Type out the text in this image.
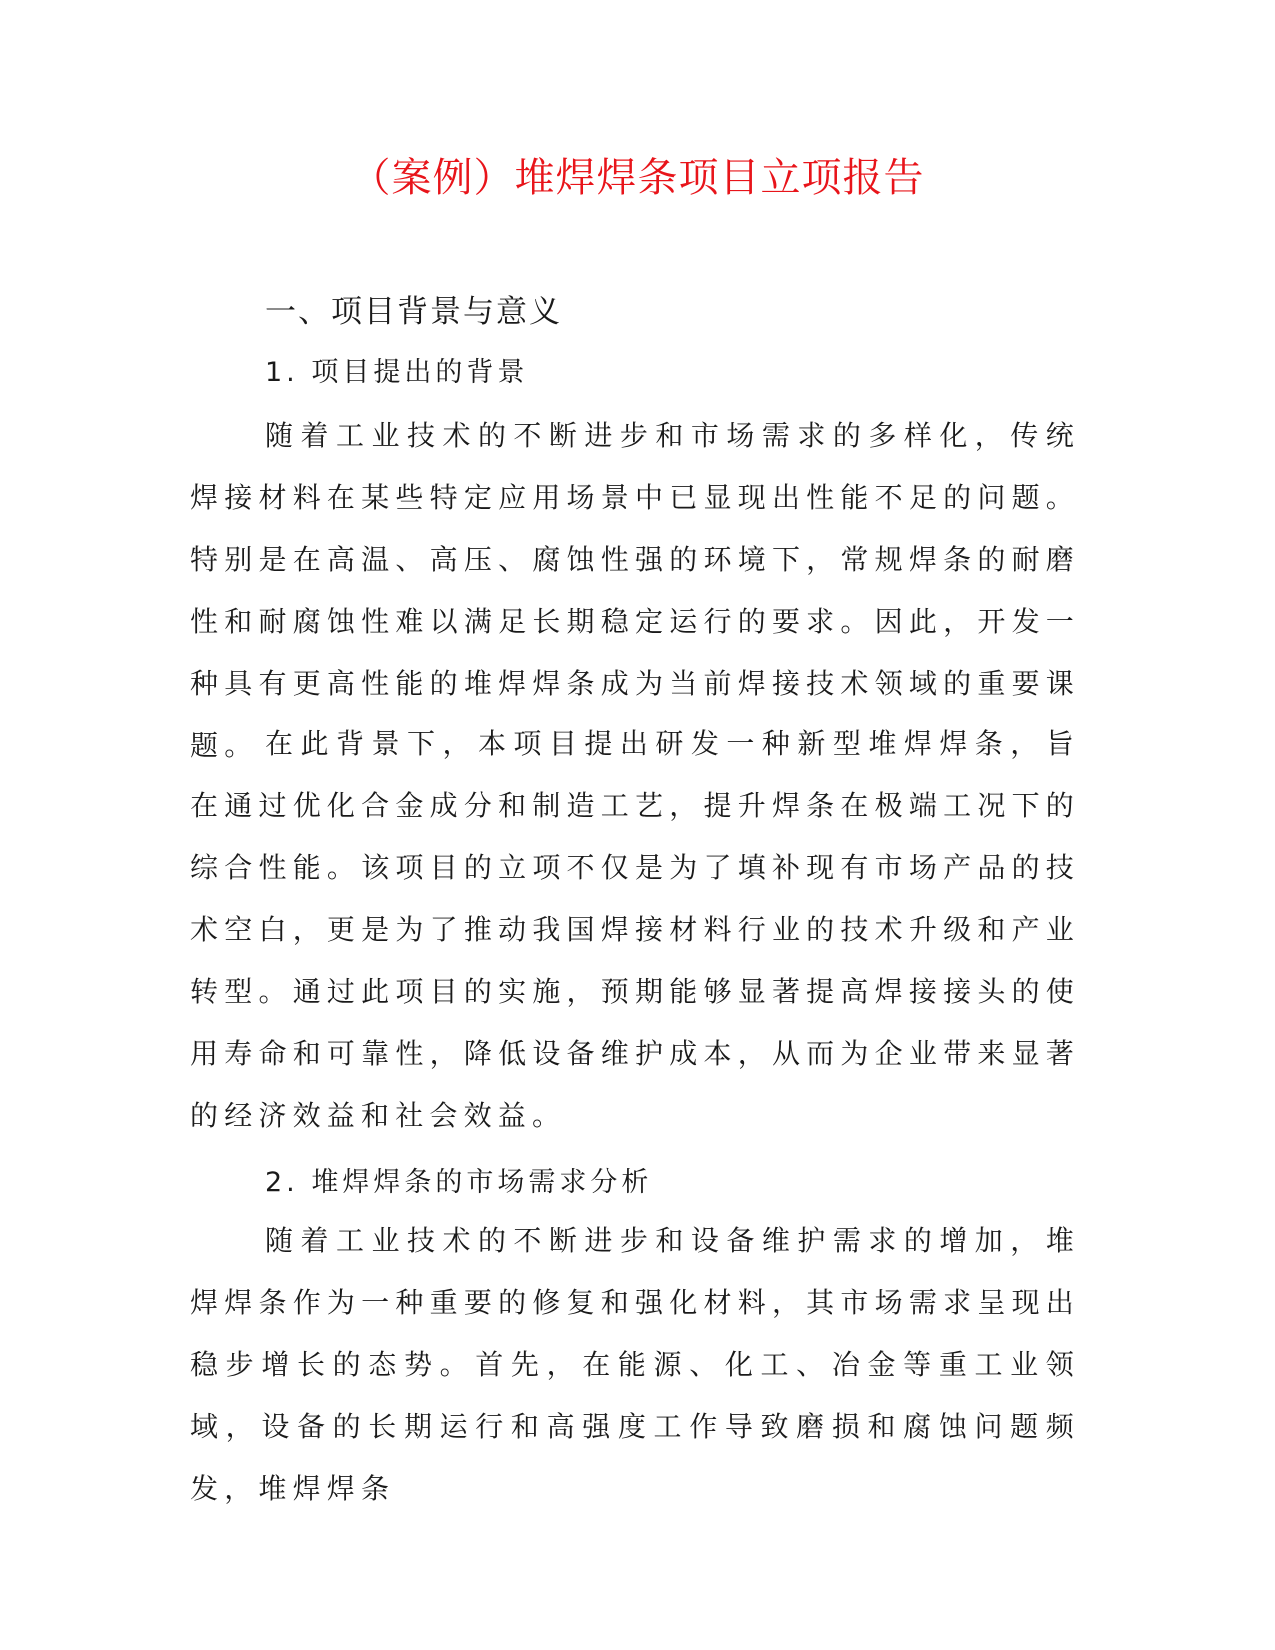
（案例）堆焊焊条项目立项报告
一、项目背景与意义
1. 项目提出的背景

随着工业技术的不断进步和市场需求的多样化，传统焊接材料在某些特定应用场景中已显现出性能不足的问题。特别是在高温、高压、腐蚀性强的环境下，常规焊条的耐磨性和耐腐蚀性难以满足长期稳定运行的要求。因此，开发一种具有更高性能的堆焊焊条成为当前焊接技术领域的重要课题。 在此背景下，本项目提出研发一种新型堆焊焊条，旨在通过优化合金成分和制造工艺，提升焊条在极端工况下的综合性能。该项目的立项不仅是为了填补现有市场产品的技术空白，更是为了推动我国焊接材料行业的技术升级和产业转型。通过此项目的实施，预期能够显著提高焊接接头的使用寿命和可靠性，降低设备维护成本，从而为企业带来显著的经济效益和社会效益。

2. 堆焊焊条的市场需求分析

随着工业技术的不断进步和设备维护需求的增加，堆焊焊条作为一种重要的修复和强化材料，其市场需求呈现出稳步增长的态势。首先，在能源、化工、冶金等重工业领域，设备的长期运行和高强度工作导致磨损和腐蚀问题频发，堆焊焊条
